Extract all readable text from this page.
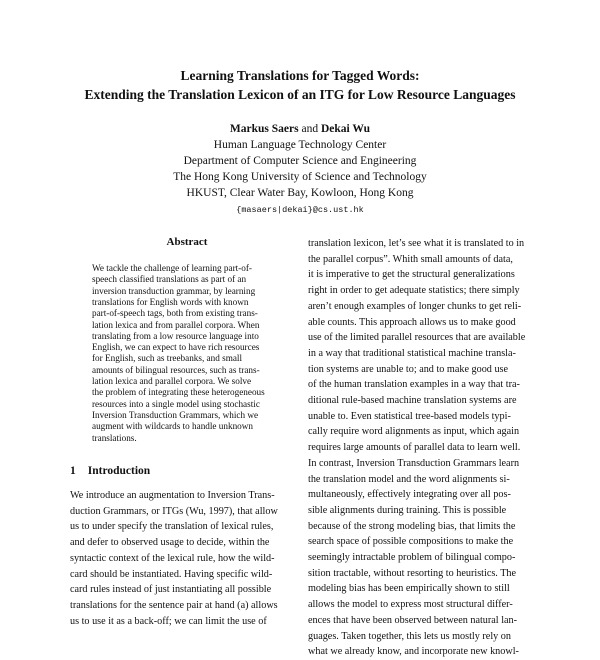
Learning Translations for Tagged Words:
Extending the Translation Lexicon of an ITG for Low Resource Languages
Markus Saers and Dekai Wu
Human Language Technology Center
Department of Computer Science and Engineering
The Hong Kong University of Science and Technology
HKUST, Clear Water Bay, Kowloon, Hong Kong
{masaers|dekai}@cs.ust.hk
Abstract
We tackle the challenge of learning part-of-
speech classified translations as part of an
inversion transduction grammar, by learning
translations for English words with known
part-of-speech tags, both from existing trans-
lation lexica and from parallel corpora. When
translating from a low resource language into
English, we can expect to have rich resources
for English, such as treebanks, and small
amounts of bilingual resources, such as trans-
lation lexica and parallel corpora. We solve
the problem of integrating these heterogeneous
resources into a single model using stochastic
Inversion Transduction Grammars, which we
augment with wildcards to handle unknown
translations.
1 Introduction
We introduce an augmentation to Inversion Trans-
duction Grammars, or ITGs (Wu, 1997), that allow
us to under specify the translation of lexical rules,
and defer to observed usage to decide, within the
syntactic context of the lexical rule, how the wild-
card should be instantiated. Having specific wild-
card rules instead of just instantiating all possible
translations for the sentence pair at hand (a) allows
us to use it as a back-off; we can limit the use of
translation lexicon, let’s see what it is translated to in
the parallel corpus”. Whith small amounts of data,
it is imperative to get the structural generalizations
right in order to get adequate statistics; there simply
aren’t enough examples of longer chunks to get reli-
able counts. This approach allows us to make good
use of the limited parallel resources that are available
in a way that traditional statistical machine transla-
tion systems are unable to; and to make good use
of the human translation examples in a way that tra-
ditional rule-based machine translation systems are
unable to. Even statistical tree-based models typi-
cally require word alignments as input, which again
requires large amounts of parallel data to learn well.
In contrast, Inversion Transduction Grammars learn
the translation model and the word alignments si-
multaneously, effectively integrating over all pos-
sible alignments during training. This is possible
because of the strong modeling bias, that limits the
search space of possible compositions to make the
seemingly intractable problem of bilingual compo-
sition tractable, without resorting to heuristics. The
modeling bias has been empirically shown to still
allows the model to express most structural differ-
ences that have been observed between natural lan-
guages. Taken together, this lets us mostly rely on
what we already know, and incorporate new knowl-
